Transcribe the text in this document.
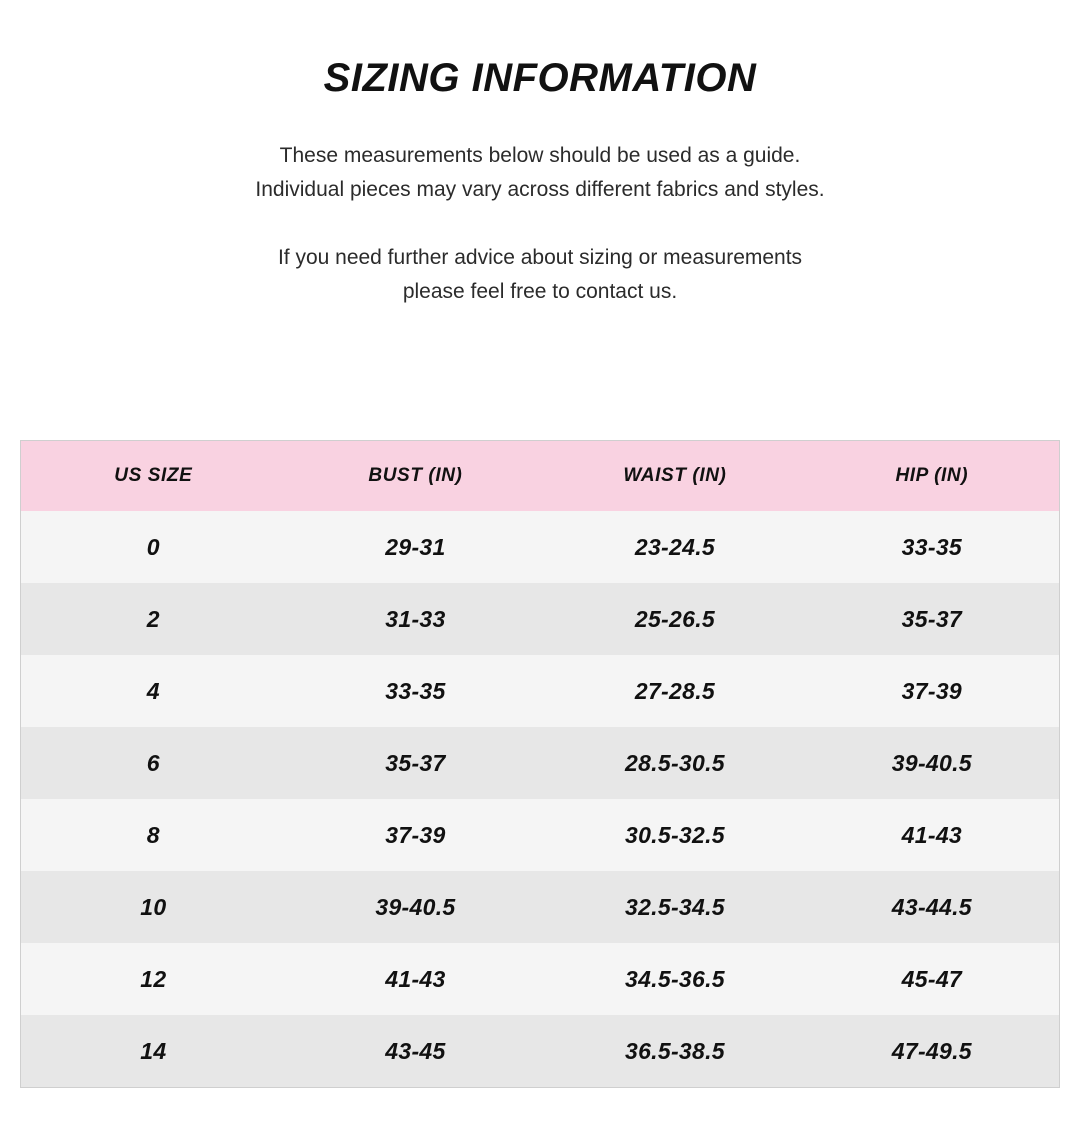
SIZING INFORMATION

These measurements below should be used as a guide.

Individual pieces may vary across different fabrics and styles.

If you need further advice about sizing or measurements

please feel free to contact us.

US SIZE	BUST (IN)	WAIST (IN)	HIP (IN)
0	29-31	23-24.5	33-35
2	31-33	25-26.5	35-37
4	33-35	27-28.5	37-39
6	35-37	28.5-30.5	39-40.5
8	37-39	30.5-32.5	41-43
10	39-40.5	32.5-34.5	43-44.5
12	41-43	34.5-36.5	45-47
14	43-45	36.5-38.5	47-49.5
